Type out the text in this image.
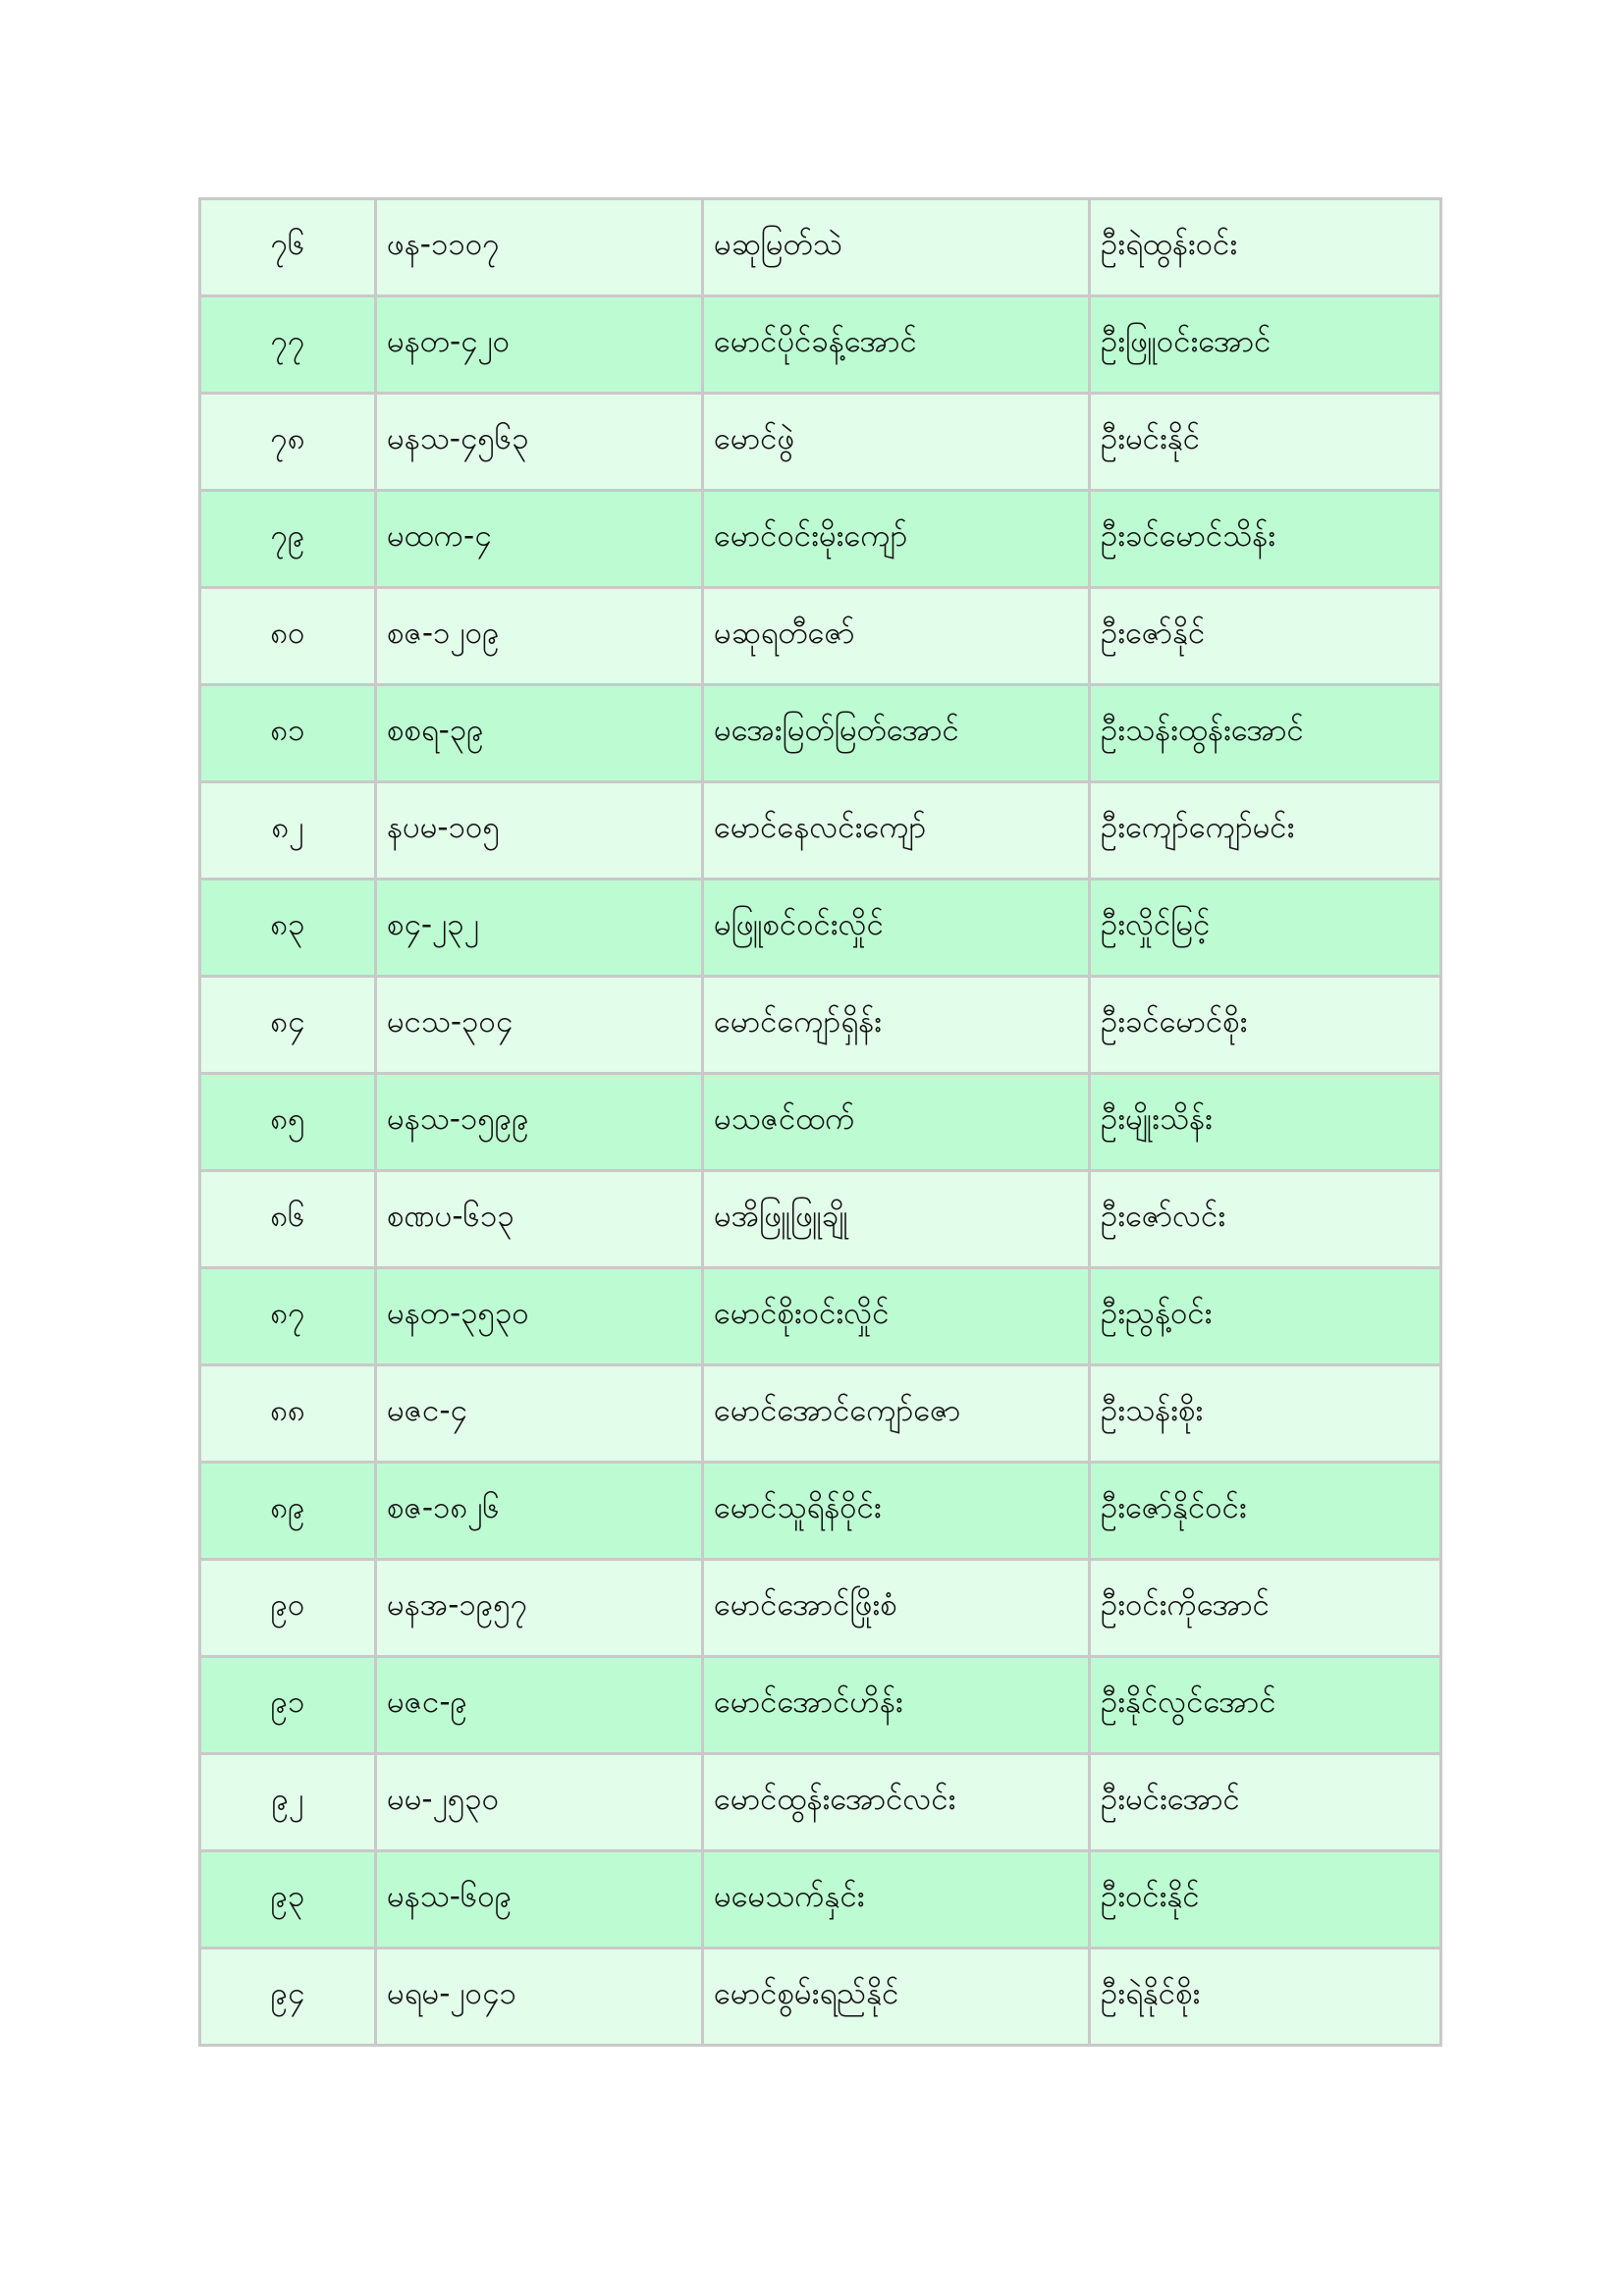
၇၆	ဖန-၁၁၀၇	မဆုမြတ်သဲ	ဦးရဲထွန်းဝင်း
၇၇	မနတ-၄၂၀	မောင်ပိုင်ခန့်အောင်	ဦးဖြူဝင်းအောင်
၇၈	မနသ-၄၅၆၃	မောင်ဖွဲ	ဦးမင်းနိုင်
၇၉	မထက-၄	မောင်ဝင်းမိုးကျော်	ဦးခင်မောင်သိန်း
၈၀	စဇ-၁၂၀၉	မဆုရတီဇော်	ဦးဇော်နိုင်
၈၁	စစရ-၃၉	မအေးမြတ်မြတ်အောင်	ဦးသန်းထွန်းအောင်
၈၂	နပမ-၁၀၅	မောင်နေလင်းကျော်	ဦးကျော်ကျော်မင်း
၈၃	စ၄-၂၃၂	မဖြူစင်ဝင်းလှိုင်	ဦးလှိုင်မြင့်
၈၄	မငသ-၃၀၄	မောင်ကျော်ရှိန်း	ဦးခင်မောင်စိုး
၈၅	မနသ-၁၅၉၉	မသဇင်ထက်	ဦးမျိုးသိန်း
၈၆	စဏပ-၆၁၃	မအိဖြူဖြူချို	ဦးဇော်လင်း
၈၇	မနတ-၃၅၃၀	မောင်စိုးဝင်းလှိုင်	ဦးညွန့်ဝင်း
၈၈	မဇင-၄	မောင်အောင်ကျော်ဇော	ဦးသန်းစိုး
၈၉	စဇ-၁၈၂၆	မောင်သူရိန်ဝိုင်း	ဦးဇော်နိုင်ဝင်း
၉၀	မနအ-၁၉၅၇	မောင်အောင်ဖြိုးစံ	ဦးဝင်းကိုအောင်
၉၁	မဇင-၉	မောင်အောင်ဟိန်း	ဦးနိုင်လွင်အောင်
၉၂	မမ-၂၅၃၀	မောင်ထွန်းအောင်လင်း	ဦးမင်းအောင်
၉၃	မနသ-၆၀၉	မမေသက်နှင်း	ဦးဝင်းနိုင်
၉၄	မရမ-၂၀၄၁	မောင်စွမ်းရည်နိုင်	ဦးရဲနိုင်စိုး
